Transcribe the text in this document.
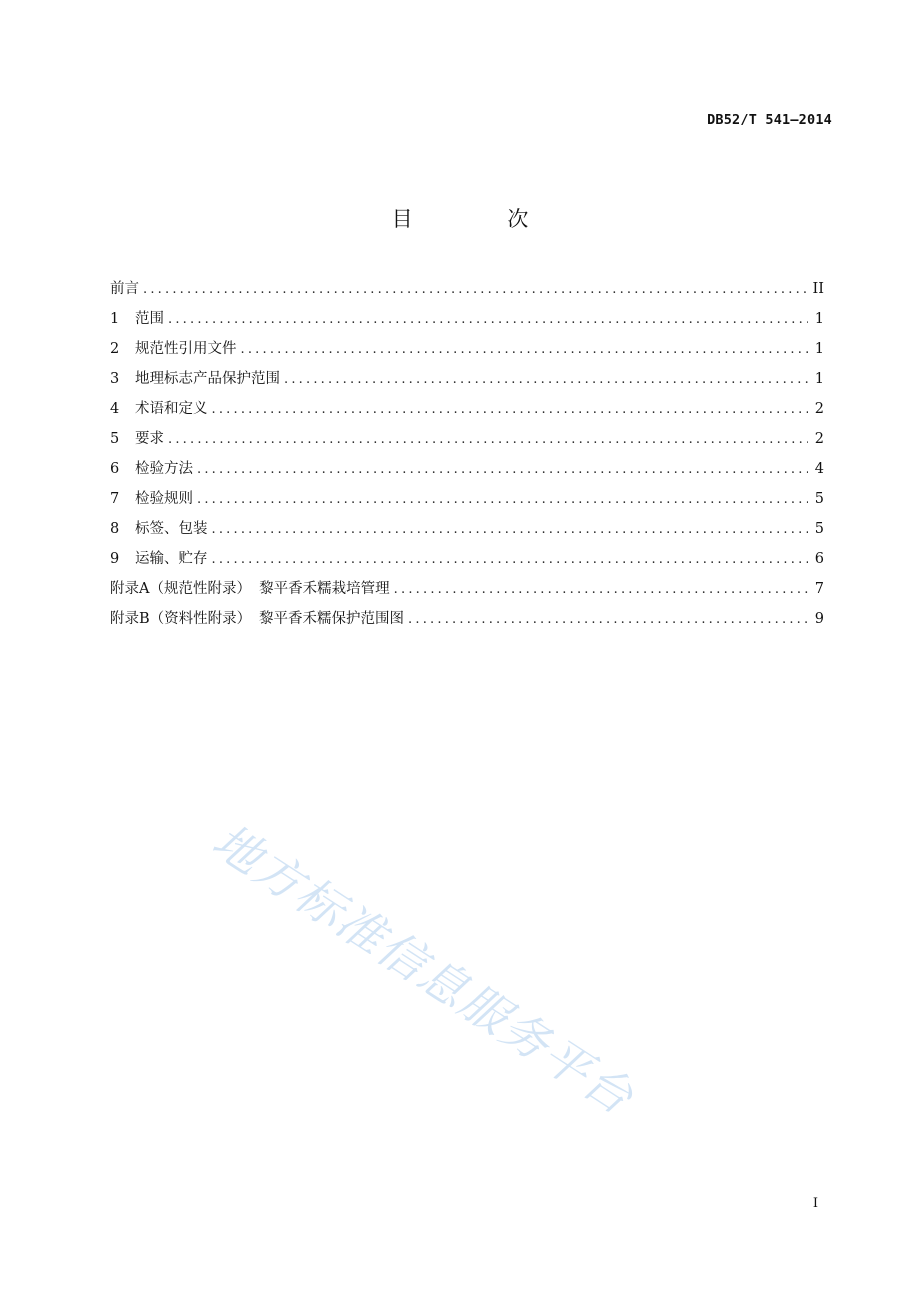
DB52/T 541—2014
目 次
前言 .....	II
1	范围 .....	1
2	规范性引用文件 .....	1
3	地理标志产品保护范围 .....	1
4	术语和定义 .....	2
5	要求 .....	2
6	检验方法 .....	4
7	检验规则 .....	5
8	标签、包装 .....	5
9	运输、贮存 .....	6
附录A（规范性附录） 黎平香禾糯栽培管理 .....	7
附录B（资料性附录） 黎平香禾糯保护范围图 .....	9
地方标准信息服务平台
I
